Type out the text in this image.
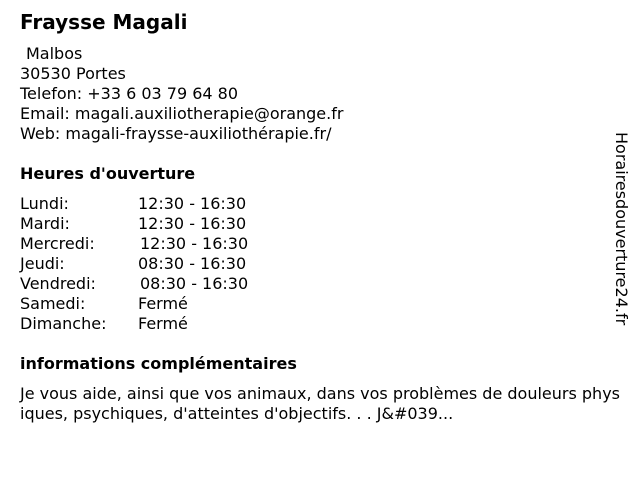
Fraysse Magali
Malbos
30530 Portes
Telefon: +33 6 03 79 64 80
Email: magali.auxiliotherapie@orange.fr
Web: magali-fraysse-auxiliothérapie.fr/
Heures d'ouverture
Lundi:	12:30 - 16:30
Mardi:	12:30 - 16:30
Mercredi:	12:30 - 16:30
Jeudi:	08:30 - 16:30
Vendredi:	08:30 - 16:30
Samedi:	Fermé
Dimanche: Fermé
informations complémentaires
Je vous aide, ainsi que vos animaux, dans vos problèmes de douleurs physiques, psychiques, d'atteintes d'objectifs. . . J&#039...
Horairesdouverture24.fr
